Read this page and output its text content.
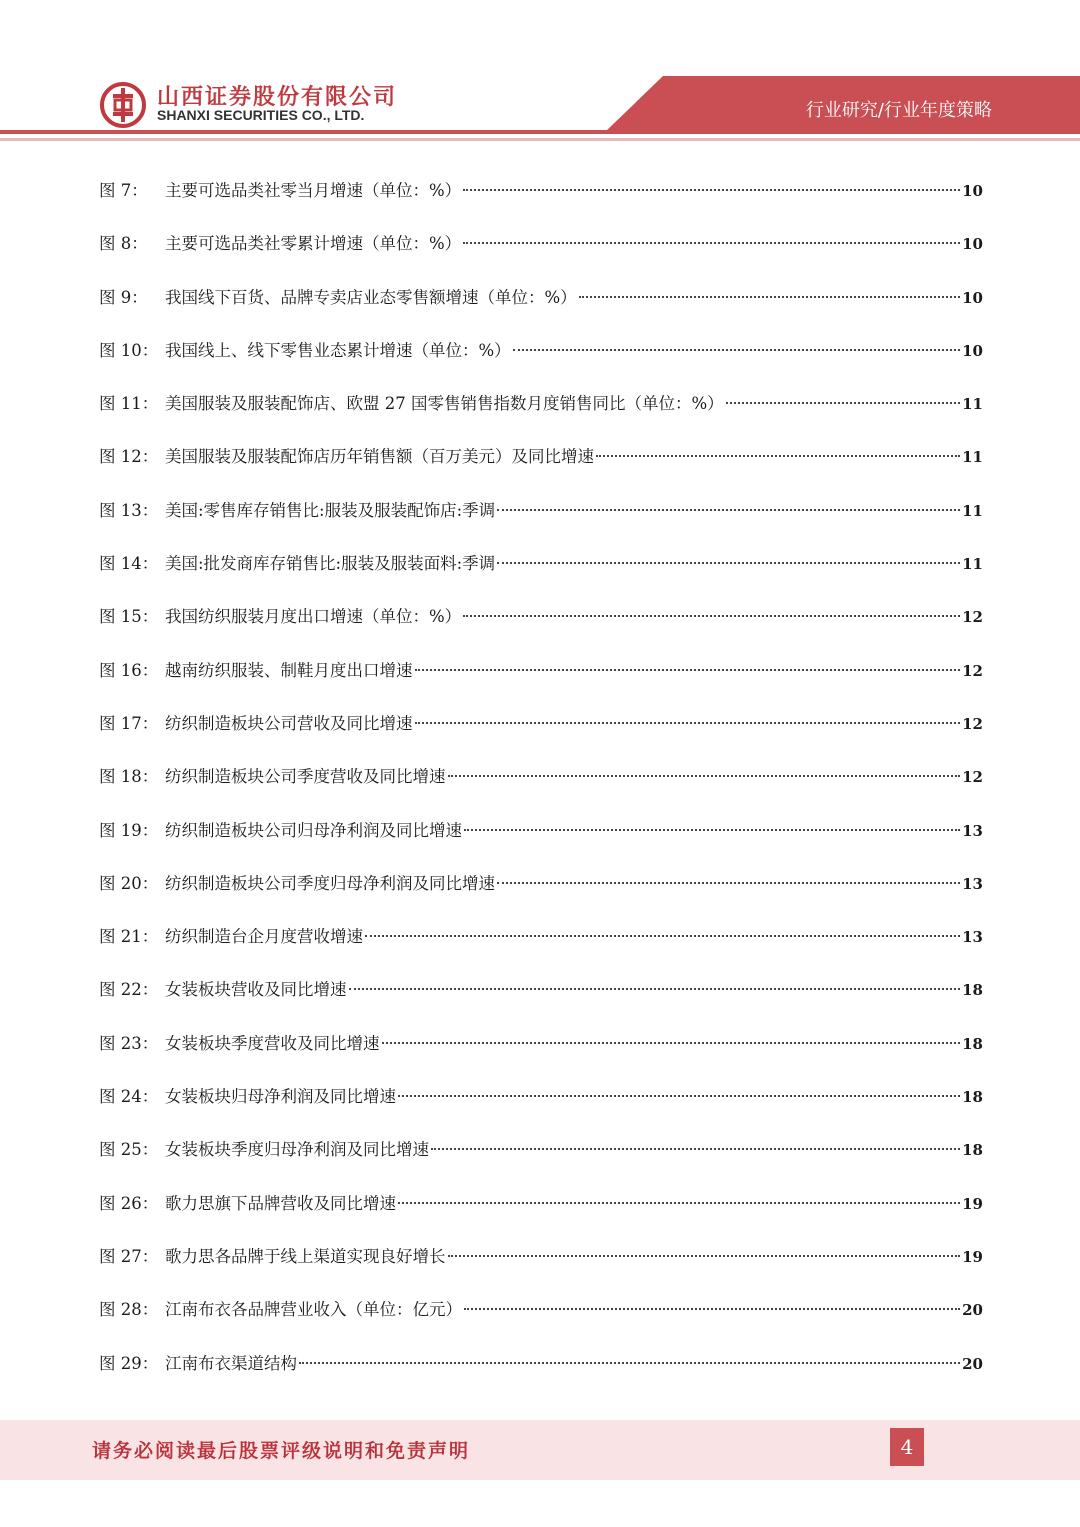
山西证券股份有限公司
SHANXI SECURITIES CO., LTD.	行业研究/行业年度策略
图 7：	主要可选品类社零当月增速（单位：%）	10
图 8：	主要可选品类社零累计增速（单位：%）	10
图 9：	我国线下百货、品牌专卖店业态零售额增速（单位：%）	10
图 10： 我国线上、线下零售业态累计增速（单位：%）	10
图 11： 美国服装及服装配饰店、欧盟 27 国零售销售指数月度销售同比（单位：%）	11
图 12： 美国服装及服装配饰店历年销售额（百万美元）及同比增速	11
图 13： 美国:零售库存销售比:服装及服装配饰店:季调	11
图 14： 美国:批发商库存销售比:服装及服装面料:季调	11
图 15： 我国纺织服装月度出口增速（单位：%）	12
图 16： 越南纺织服装、制鞋月度出口增速	12
图 17： 纺织制造板块公司营收及同比增速	12
图 18： 纺织制造板块公司季度营收及同比增速	12
图 19： 纺织制造板块公司归母净利润及同比增速	13
图 20： 纺织制造板块公司季度归母净利润及同比增速	13
图 21： 纺织制造台企月度营收增速	13
图 22： 女装板块营收及同比增速	18
图 23： 女装板块季度营收及同比增速	18
图 24： 女装板块归母净利润及同比增速	18
图 25： 女装板块季度归母净利润及同比增速	18
图 26： 歌力思旗下品牌营收及同比增速	19
图 27： 歌力思各品牌于线上渠道实现良好增长	19
图 28： 江南布衣各品牌营业收入（单位：亿元）	20
图 29： 江南布衣渠道结构	20
请务必阅读最后股票评级说明和免责声明	4
